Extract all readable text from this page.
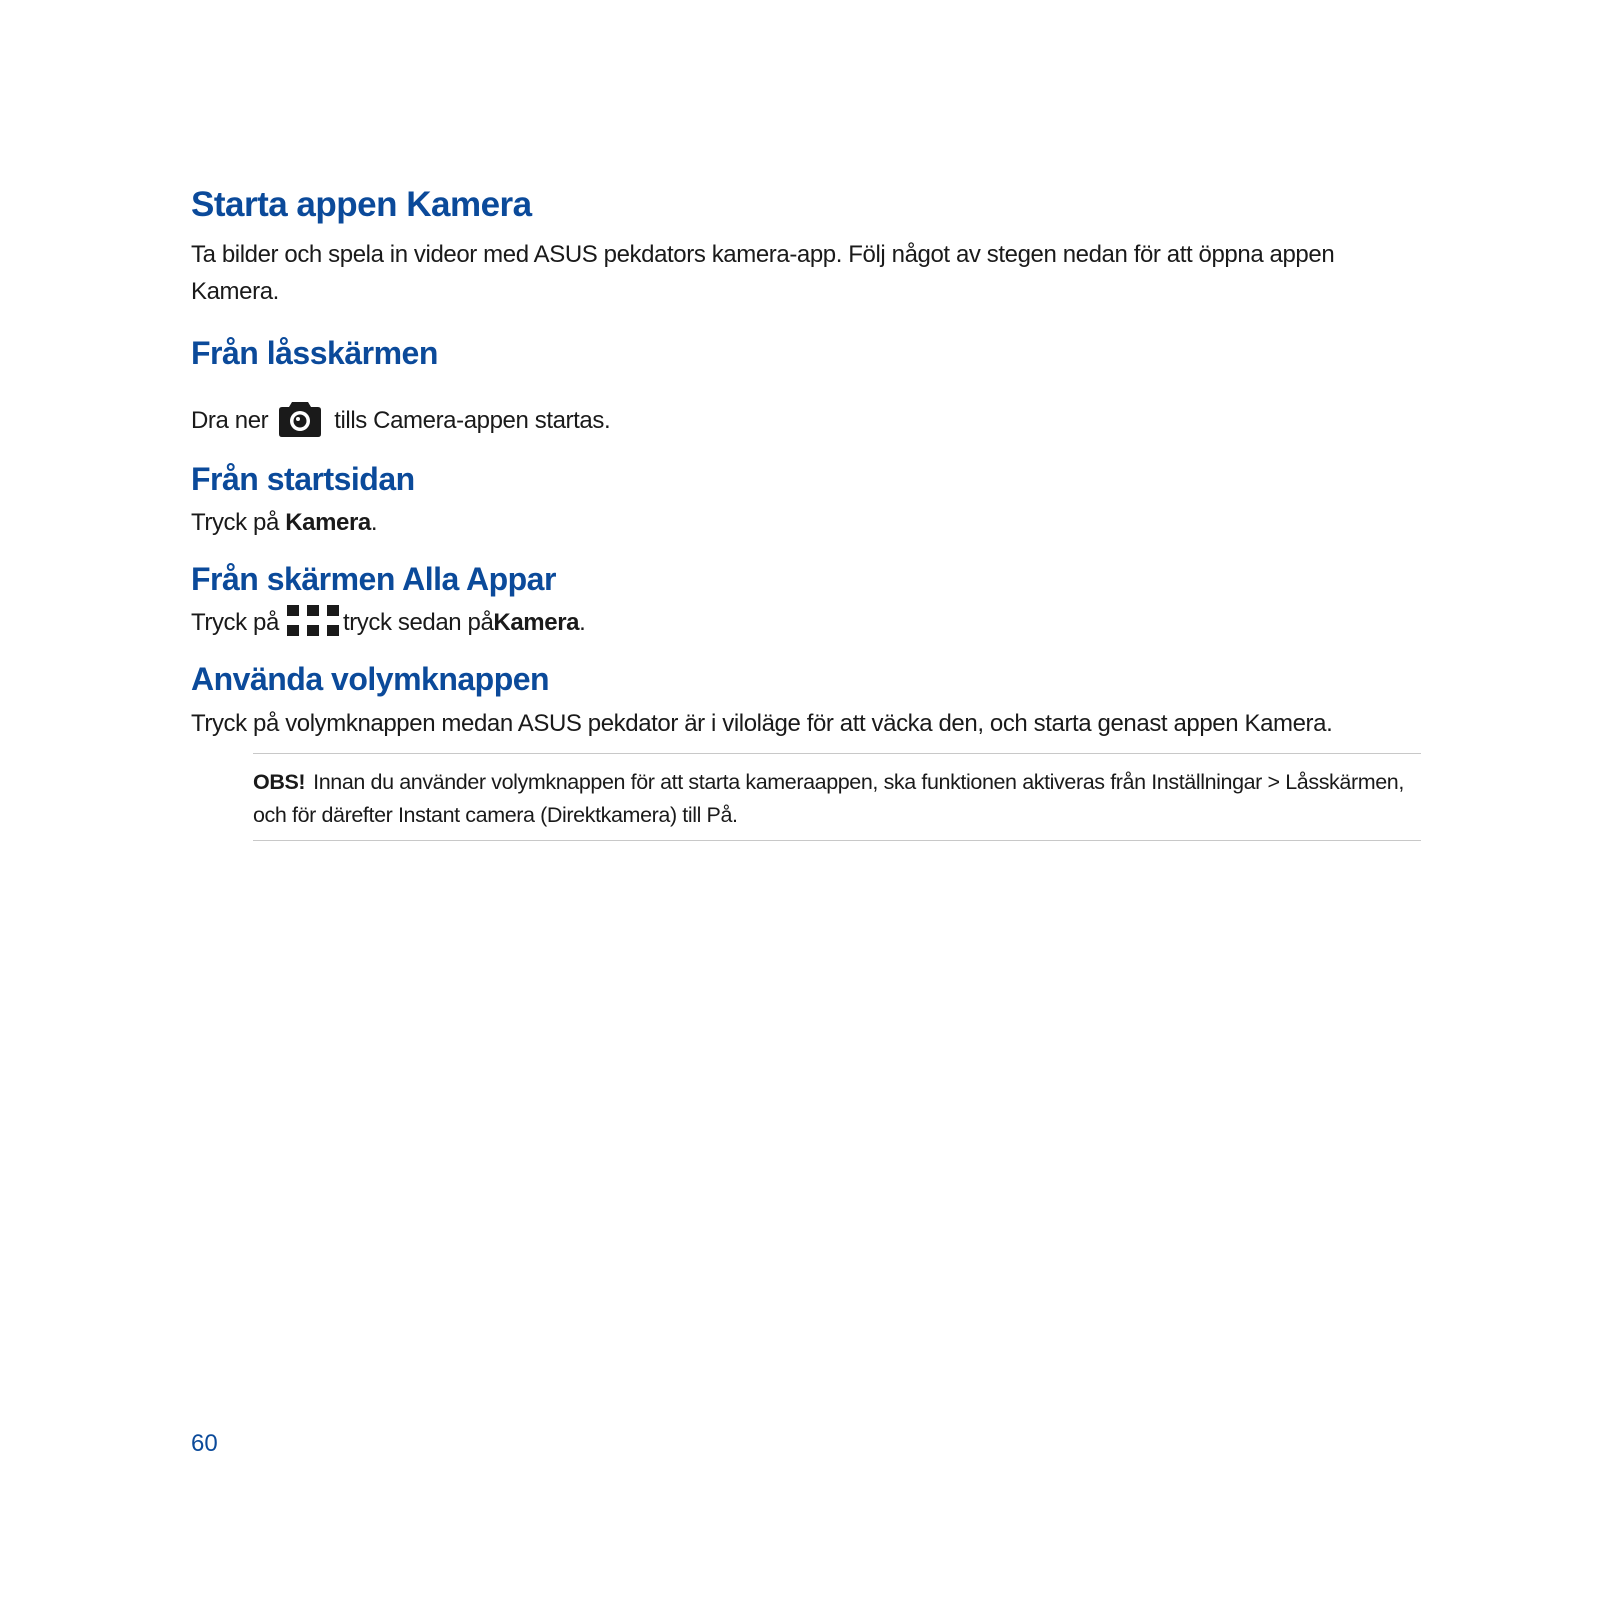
Starta appen Kamera

Ta bilder och spela in videor med ASUS pekdators kamera-app. Följ något av stegen nedan för att öppna appen Kamera.

Från låsskärmen

Dra ner	tills Camera-appen startas.

Från startsidan

Tryck på Kamera.

Från skärmen Alla Appar

Tryck på	tryck sedan på Kamera .

Använda volymknappen

Tryck på volymknappen medan ASUS pekdator är i viloläge för att väcka den, och starta genast appen Kamera.

OBS! Innan du använder volymknappen för att starta kameraappen, ska funktionen aktiveras från Inställningar > Låsskärmen, och för därefter Instant camera (Direktkamera) till På.

60
